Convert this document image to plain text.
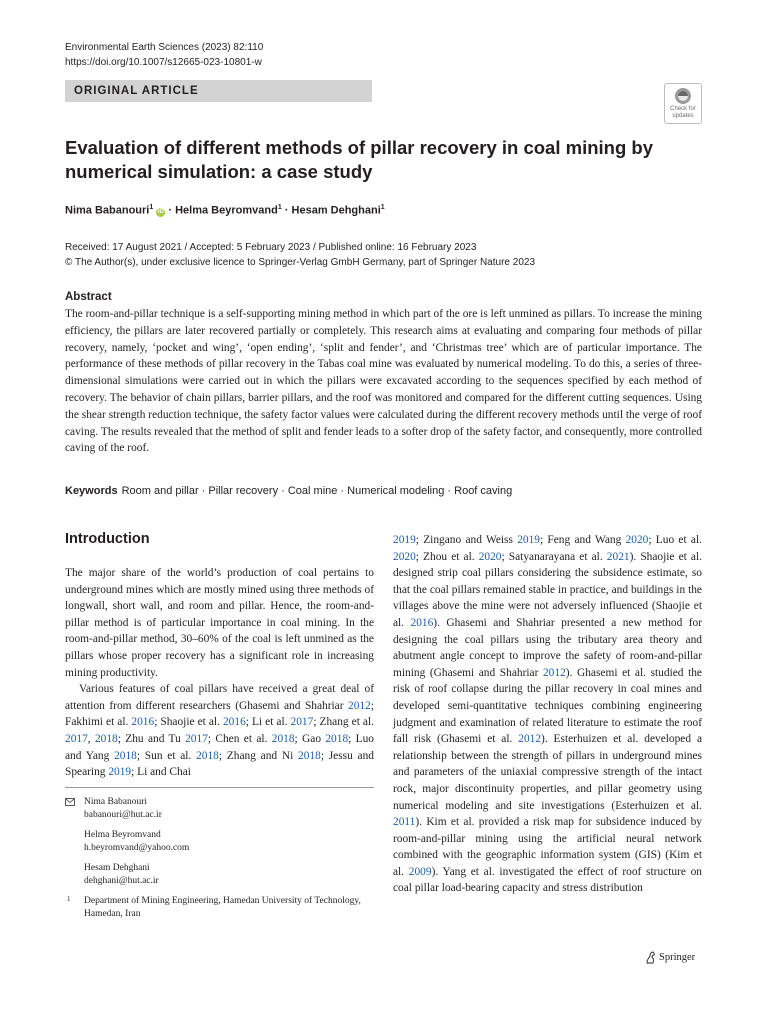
Environmental Earth Sciences (2023) 82:110
https://doi.org/10.1007/s12665-023-10801-w
ORIGINAL ARTICLE
Check for
updates
Evaluation of different methods of pillar recovery in coal mining by numerical simulation: a case study
Nima Babanouri$^1$ iD · Helma Beyromvand$^1$ · Hesam Dehghani$^1$
Received: 17 August 2021 / Accepted: 5 February 2023 / Published online: 16 February 2023
© The Author(s), under exclusive licence to Springer-Verlag GmbH Germany, part of Springer Nature 2023
Abstract
The room-and-pillar technique is a self-supporting mining method in which part of the ore is left unmined as pillars. To increase the mining efficiency, the pillars are later recovered partially or completely. This research aims at evaluating and comparing four methods of pillar recovery, namely, ‘pocket and wing’, ‘open ending’, ‘split and fender’, and ‘Christmas tree’ which are of particular importance. The performance of these methods of pillar recovery in the Tabas coal mine was evaluated by numerical modeling. To do this, a series of three-dimensional simulations were carried out in which the pillars were excavated according to the sequences specified by each method of recovery. The behavior of chain pillars, barrier pillars, and the roof was monitored and compared for the different cutting sequences. Using the shear strength reduction technique, the safety factor values were calculated during the different recovery methods until the verge of roof caving. The results revealed that the method of split and fender leads to a softer drop of the safety factor, and consequently, more controlled caving of the roof.
Keywords Room and pillar · Pillar recovery · Coal mine · Numerical modeling · Roof caving
Introduction

The major share of the world’s production of coal pertains to underground mines which are mostly mined using three methods of longwall, short wall, and room and pillar. Hence, the room-and-pillar method is of particular importance in coal mining. In the room-and-pillar method, 30–60% of the coal is left unmined as the pillars whose proper recovery has a significant role in increasing mining productivity.

Various features of coal pillars have received a great deal of attention from different researchers (Ghasemi and Shahriar 2012; Fakhimi et al. 2016; Shaojie et al. 2016; Li et al. 2017; Zhang et al. 2017, 2018; Zhu and Tu 2017; Chen et al. 2018; Gao 2018; Luo and Yang 2018; Sun et al. 2018; Zhang and Ni 2018; Jessu and Spearing 2019; Li and Chai

2019; Zingano and Weiss 2019; Feng and Wang 2020; Luo et al. 2020; Zhou et al. 2020; Satyanarayana et al. 2021). Shaojie et al. designed strip coal pillars considering the subsidence estimate, so that the coal pillars remained stable in practice, and buildings in the villages above the mine were not adversely influenced (Shaojie et al. 2016). Ghasemi and Shahriar presented a new method for designing the coal pillars using the tributary area theory and abutment angle concept to improve the safety of room-and-pillar mining (Ghasemi and Shahriar 2012). Ghasemi et al. studied the risk of roof collapse during the pillar recovery in coal mines and developed semi-quantitative techniques combining engineering judgment and examination of related literature to estimate the roof fall risk (Ghasemi et al. 2012). Esterhuizen et al. developed a relationship between the strength of pillars in underground mines and parameters of the uniaxial compressive strength of the intact rock, major discontinuity properties, and pillar geometry using numerical modeling and site investigations (Esterhuizen et al. 2011). Kim et al. provided a risk map for subsidence induced by room-and-pillar mining using the artificial neural network combined with the geographic information system (GIS) (Kim et al. 2009). Yang et al. investigated the effect of roof structure on coal pillar load-bearing capacity and stress distribution

Nima Babanouri
babanouri@hut.ac.ir
Helma Beyromvand
h.beyromvand@yahoo.com
Hesam Dehghani
dehghani@hut.ac.ir
1 Department of Mining Engineering, Hamedan University of Technology, Hamedan, Iran
Springer
